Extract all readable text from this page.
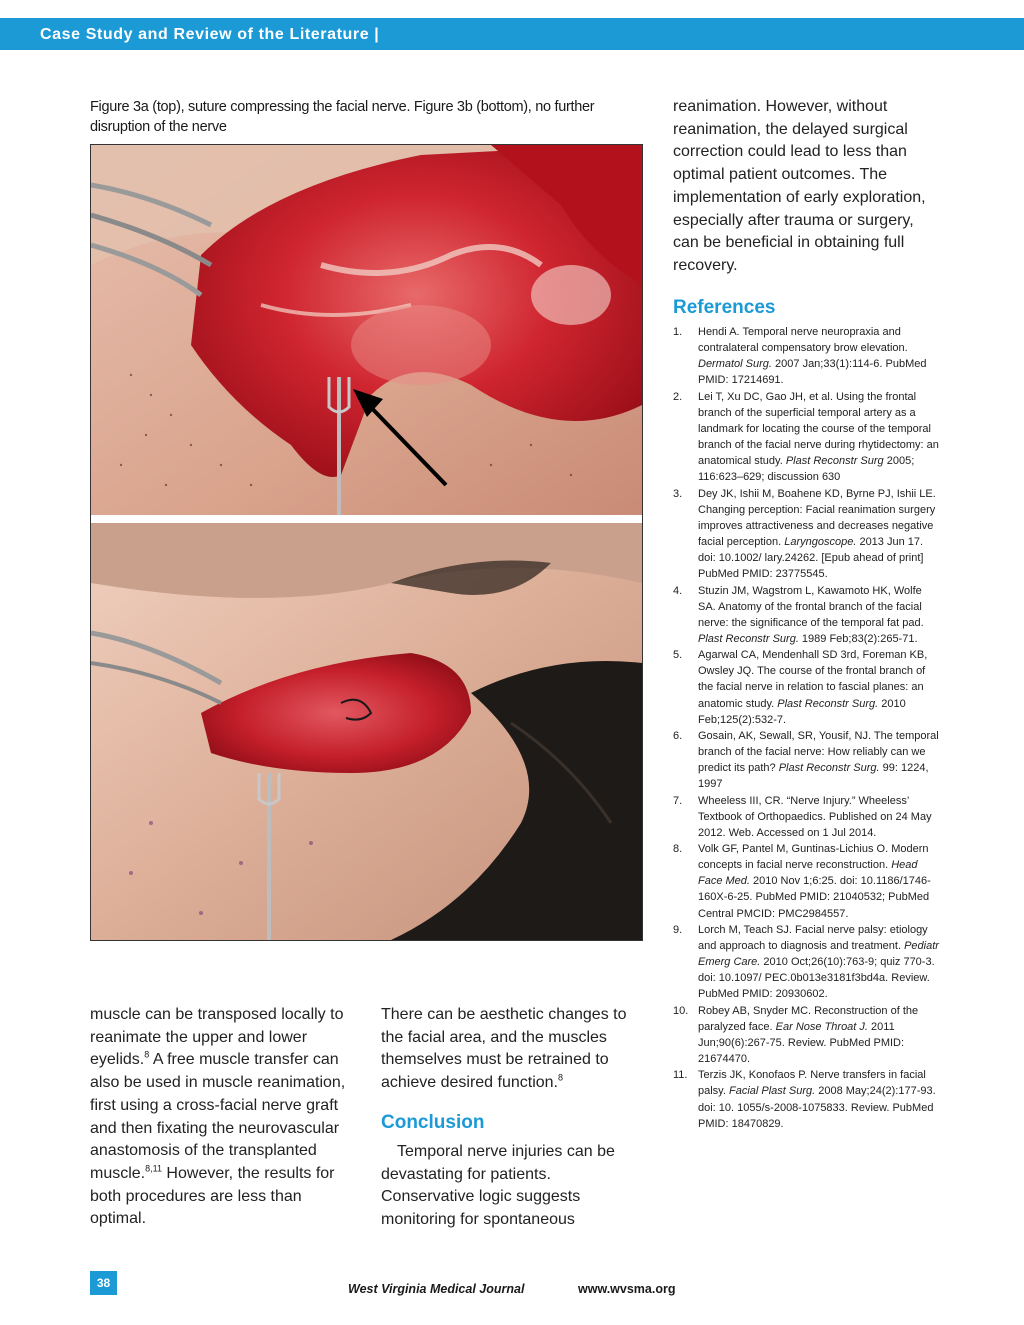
Case Study and Review of the Literature |
Figure 3a (top), suture compressing the facial nerve. Figure 3b (bottom), no further disruption of the nerve

muscle can be transposed locally to reanimate the upper and lower eyelids.$^8$ A free muscle transfer can also be used in muscle reanimation, first using a cross-facial nerve graft and then fixating the neurovascular anastomosis of the transplanted muscle.$^{8,11}$ However, the results for both procedures are less than optimal.

There can be aesthetic changes to the facial area, and the muscles themselves must be retrained to achieve desired function.$^8$

Conclusion

Temporal nerve injuries can be devastating for patients. Conservative logic suggests monitoring for spontaneous

reanimation. However, without reanimation, the delayed surgical correction could lead to less than optimal patient outcomes. The implementation of early exploration, especially after trauma or surgery, can be beneficial in obtaining full recovery.

References
1. Hendi A. Temporal nerve neuropraxia and contralateral compensatory brow elevation. Dermatol Surg. 2007 Jan;33(1):114-6. PubMed PMID: 17214691.
2. Lei T, Xu DC, Gao JH, et al. Using the frontal branch of the superficial temporal artery as a landmark for locating the course of the temporal branch of the facial nerve during rhytidectomy: an anatomical study. Plast Reconstr Surg 2005; 116:623–629; discussion 630
3. Dey JK, Ishii M, Boahene KD, Byrne PJ, Ishii LE. Changing perception: Facial reanimation surgery improves attractiveness and decreases negative facial perception. Laryngoscope. 2013 Jun 17. doi: 10.1002/ lary.24262. [Epub ahead of print] PubMed PMID: 23775545.
4. Stuzin JM, Wagstrom L, Kawamoto HK, Wolfe SA. Anatomy of the frontal branch of the facial nerve: the significance of the temporal fat pad. Plast Reconstr Surg. 1989 Feb;83(2):265-71.
5. Agarwal CA, Mendenhall SD 3rd, Foreman KB, Owsley JQ. The course of the frontal branch of the facial nerve in relation to fascial planes: an anatomic study. Plast Reconstr Surg. 2010 Feb;125(2):532-7.
6. Gosain, AK, Sewall, SR, Yousif, NJ. The temporal branch of the facial nerve: How reliably can we predict its path? Plast Reconstr Surg. 99: 1224, 1997
7. Wheeless III, CR. “Nerve Injury.” Wheeless’ Textbook of Orthopaedics. Published on 24 May 2012. Web. Accessed on 1 Jul 2014.
8. Volk GF, Pantel M, Guntinas-Lichius O. Modern concepts in facial nerve reconstruction. Head Face Med. 2010 Nov 1;6:25. doi: 10.1186/1746-160X-6-25. PubMed PMID: 21040532; PubMed Central PMCID: PMC2984557.
9. Lorch M, Teach SJ. Facial nerve palsy: etiology and approach to diagnosis and treatment. Pediatr Emerg Care. 2010 Oct;26(10):763-9; quiz 770-3. doi: 10.1097/ PEC.0b013e3181f3bd4a. Review. PubMed PMID: 20930602.
10. Robey AB, Snyder MC. Reconstruction of the paralyzed face. Ear Nose Throat J. 2011 Jun;90(6):267-75. Review. PubMed PMID: 21674470.
11. Terzis JK, Konofaos P. Nerve transfers in facial palsy. Facial Plast Surg. 2008 May;24(2):177-93. doi: 10. 1055/s-2008-1075833. Review. PubMed PMID: 18470829.
38	West Virginia Medical Journal	www.wvsma.org
